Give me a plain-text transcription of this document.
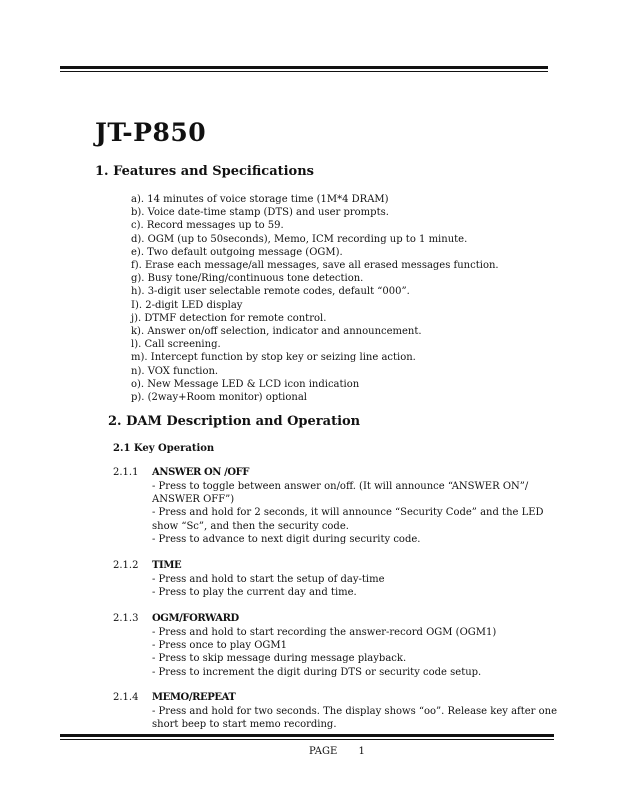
JT-P850
1. Features and Specifications
a). 14 minutes of voice storage time (1M*4 DRAM)
b). Voice date-time stamp (DTS) and user prompts.
c). Record messages up to 59.
d). OGM (up to 50seconds), Memo, ICM recording up to 1 minute.
e). Two default outgoing message (OGM).
f). Erase each message/all messages, save all erased messages function.
g). Busy tone/Ring/continuous tone detection.
h). 3-digit user selectable remote codes, default “000”.
I). 2-digit LED display
j). DTMF detection for remote control.
k). Answer on/off selection, indicator and announcement.
l). Call screening.
m). Intercept function by stop key or seizing line action.
n). VOX function.
o). New Message LED & LCD icon indication
p). (2way+Room monitor) optional
2. DAM Description and Operation
2.1 Key Operation
2.1.1 ANSWER ON /OFF
- Press to toggle between answer on/off. (It will announce “ANSWER ON”/ ANSWER OFF”)
- Press and hold for 2 seconds, it will announce “Security Code” and the LED show “Sc”, and then the security code.
- Press to advance to next digit during security code.
2.1.2 TIME
- Press and hold to start the setup of day-time
- Press to play the current day and time.
2.1.3 OGM/FORWARD
- Press and hold to start recording the answer-record OGM (OGM1)
- Press once to play OGM1
- Press to skip message during message playback.
- Press to increment the digit during DTS or security code setup.
2.1.4 MEMO/REPEAT
- Press and hold for two seconds. The display shows “oo”. Release key after one short beep to start memo recording.
PAGE 1
